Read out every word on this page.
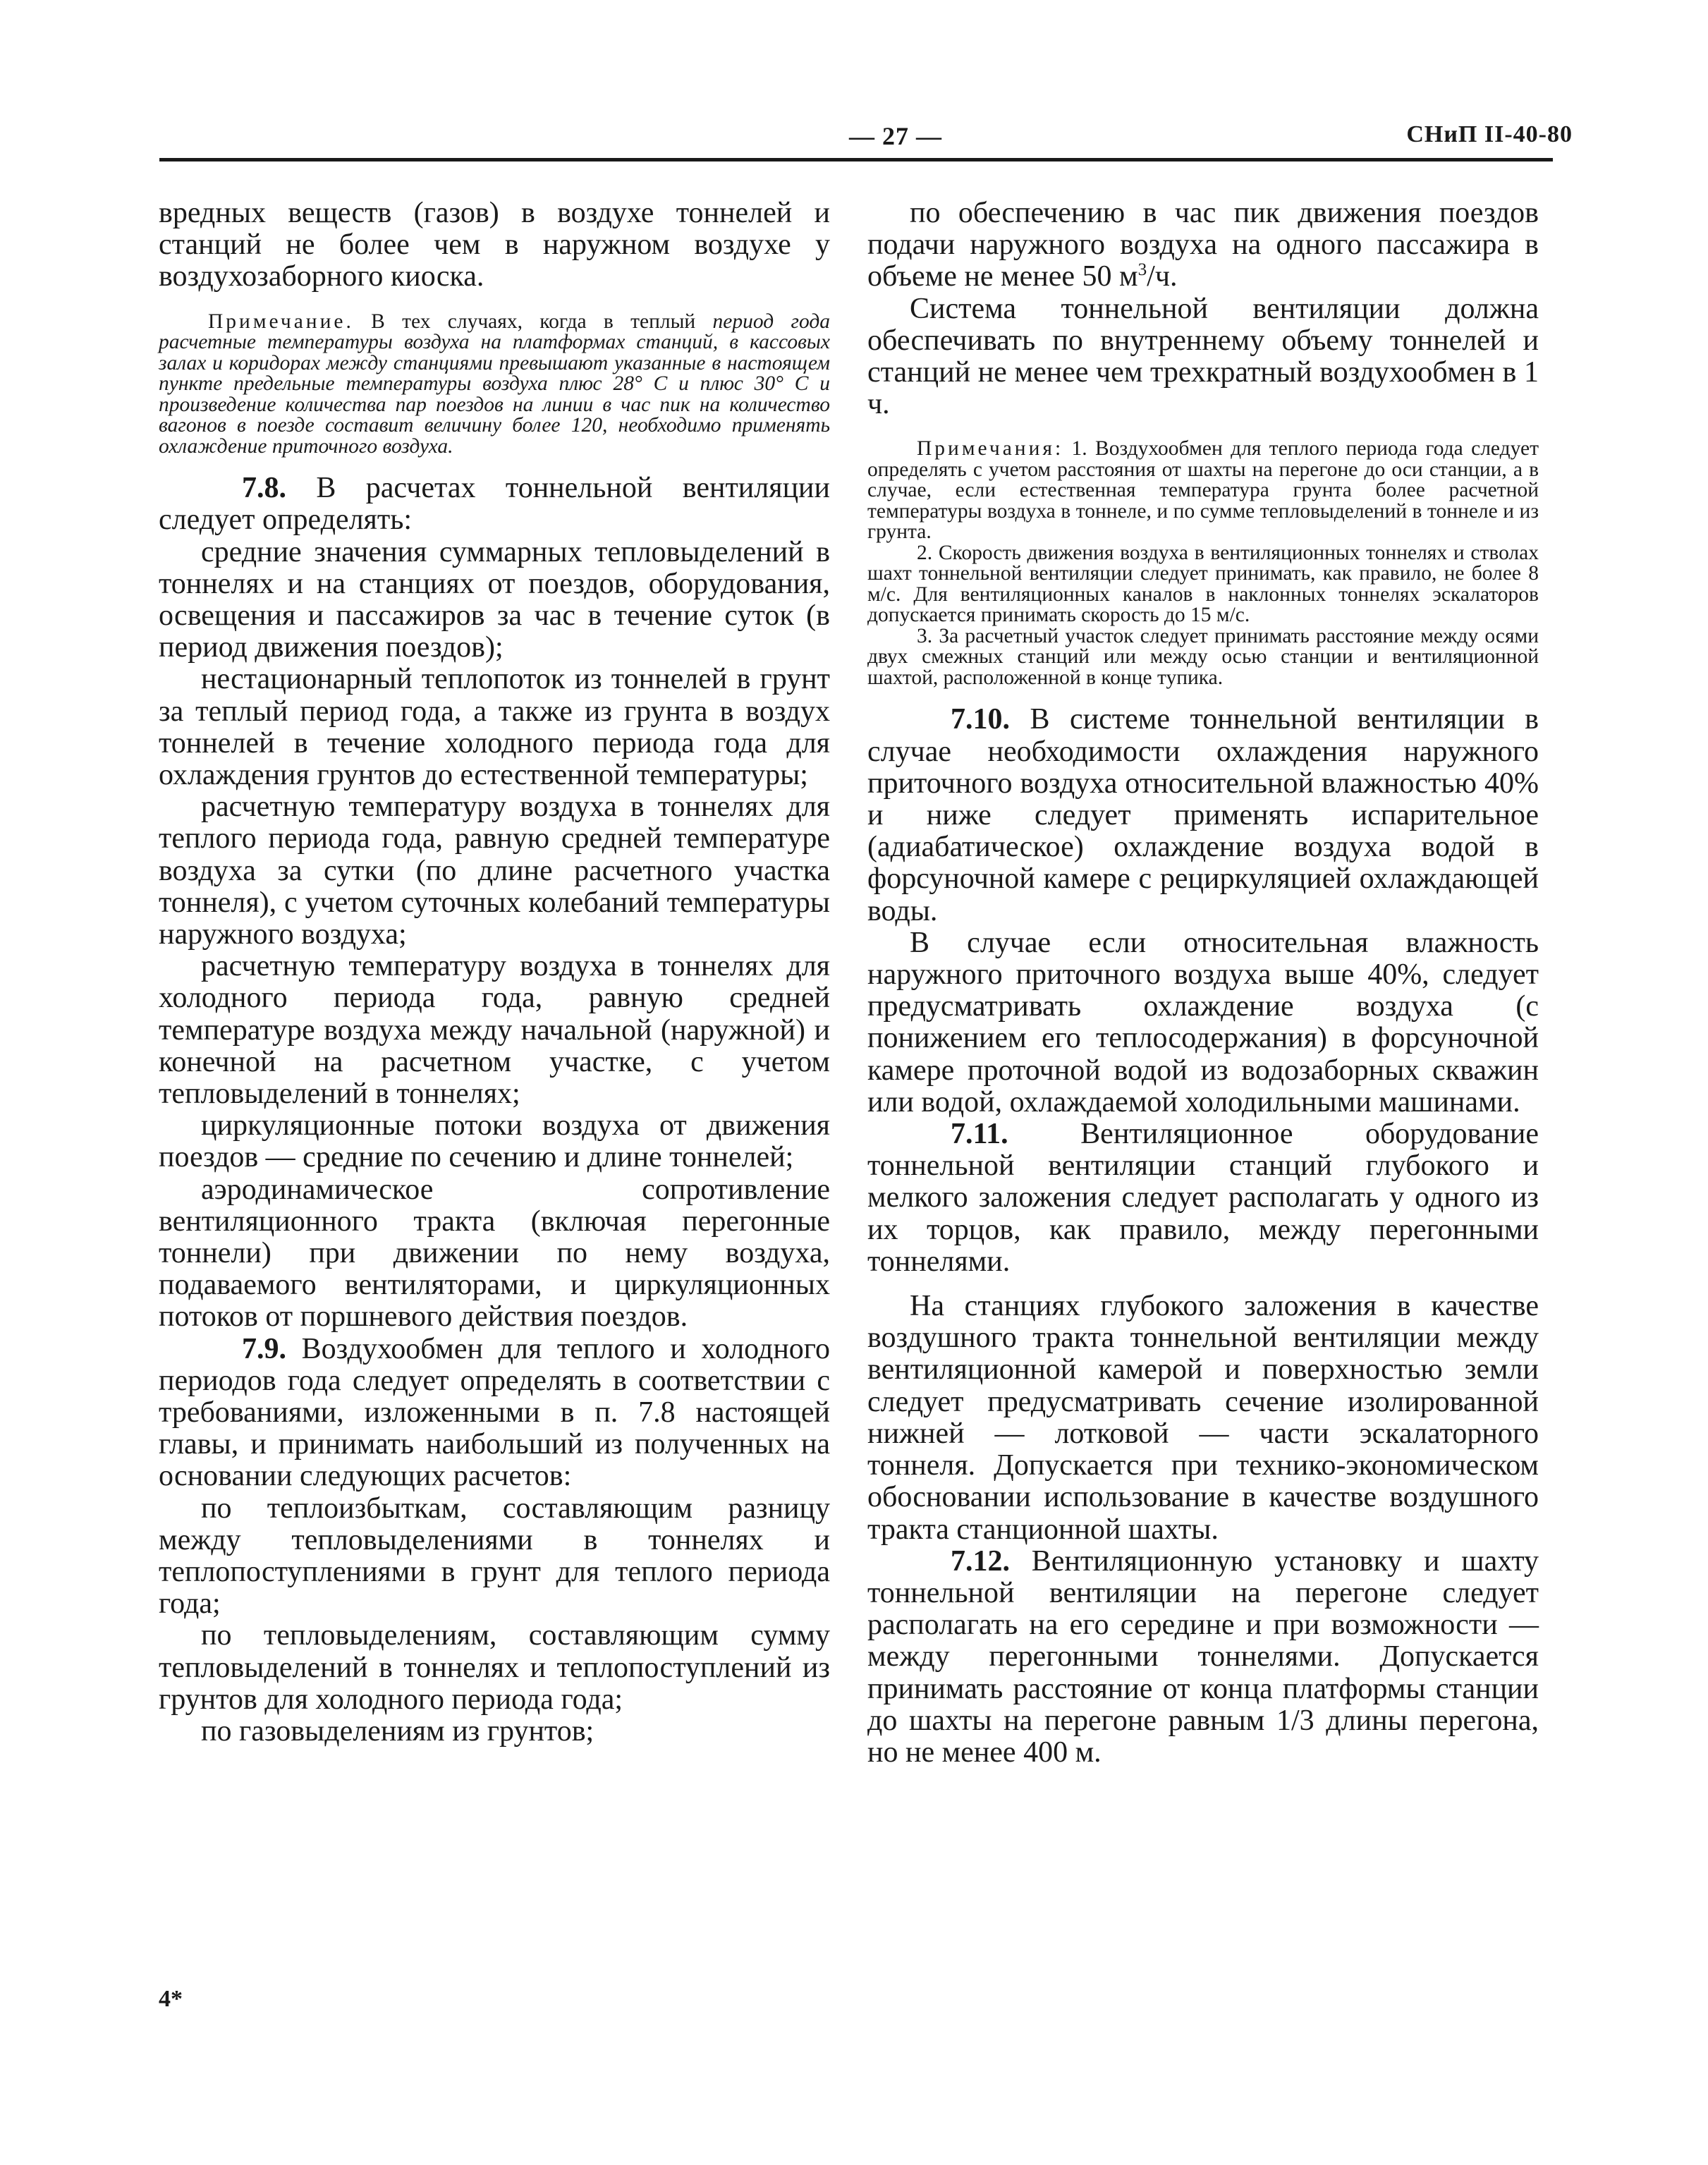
— 27 —	СНиП II-40-80

вредных веществ (газов) в воздухе тоннелей и станций не более чем в наружном воздухе у воздухозаборного киоска.

Примечание. В тех случаях, когда в теплый период года расчетные температуры воздуха на платформах станций, в кассовых залах и коридорах между станциями превышают указанные в настоящем пункте предельные температуры воздуха плюс 28° С и плюс 30° С и произведение количества пар поездов на линии в час пик на количество вагонов в поезде составит величину более 120, необходимо применять охлаждение приточного воздуха.

7.8. В расчетах тоннельной вентиляции следует определять:

средние значения суммарных тепловыделений в тоннелях и на станциях от поездов, оборудования, освещения и пассажиров за час в течение суток (в период движения поездов);

нестационарный теплопоток из тоннелей в грунт за теплый период года, а также из грунта в воздух тоннелей в течение холодного периода года для охлаждения грунтов до естественной температуры;

расчетную температуру воздуха в тоннелях для теплого периода года, равную средней температуре воздуха за сутки (по длине расчетного участка тоннеля), с учетом суточных колебаний температуры наружного воздуха;

расчетную температуру воздуха в тоннелях для холодного периода года, равную средней температуре воздуха между начальной (наружной) и конечной на расчетном участке, с учетом тепловыделений в тоннелях;

циркуляционные потоки воздуха от движения поездов — средние по сечению и длине тоннелей;

аэродинамическое сопротивление вентиляционного тракта (включая перегонные тоннели) при движении по нему воздуха, подаваемого вентиляторами, и циркуляционных потоков от поршневого действия поездов.

7.9. Воздухообмен для теплого и холодного периодов года следует определять в соответствии с требованиями, изложенными в п. 7.8 настоящей главы, и принимать наибольший из полученных на основании следующих расчетов:

по теплоизбыткам, составляющим разницу между тепловыделениями в тоннелях и теплопоступлениями в грунт для теплого периода года;

по тепловыделениям, составляющим сумму тепловыделений в тоннелях и теплопоступлений из грунтов для холодного периода года;

по газовыделениям из грунтов;

по обеспечению в час пик движения поездов подачи наружного воздуха на одного пассажира в объеме не менее 50 $м^3/ч$.

Система тоннельной вентиляции должна обеспечивать по внутреннему объему тоннелей и станций не менее чем трехкратный воздухообмен в 1 ч.

Примечания: 1. Воздухообмен для теплого периода года следует определять с учетом расстояния от шахты на перегоне до оси станции, а в случае, если естественная температура грунта более расчетной температуры воздуха в тоннеле, и по сумме тепловыделений в тоннеле и из грунта.

2. Скорость движения воздуха в вентиляционных тоннелях и стволах шахт тоннельной вентиляции следует принимать, как правило, не более 8 м/с. Для вентиляционных каналов в наклонных тоннелях эскалаторов допускается принимать скорость до 15 м/с.

3. За расчетный участок следует принимать расстояние между осями двух смежных станций или между осью станции и вентиляционной шахтой, расположенной в конце тупика.

7.10. В системе тоннельной вентиляции в случае необходимости охлаждения наружного приточного воздуха относительной влажностью 40% и ниже следует применять испарительное (адиабатическое) охлаждение воздуха водой в форсуночной камере с рециркуляцией охлаждающей воды.

В случае если относительная влажность наружного приточного воздуха выше 40%, следует предусматривать охлаждение воздуха (с понижением его теплосодержания) в форсуночной камере проточной водой из водозаборных скважин или водой, охлаждаемой холодильными машинами.

7.11. Вентиляционное оборудование тоннельной вентиляции станций глубокого и мелкого заложения следует располагать у одного из их торцов, как правило, между перегонными тоннелями.

На станциях глубокого заложения в качестве воздушного тракта тоннельной вентиляции между вентиляционной камерой и поверхностью земли следует предусматривать сечение изолированной нижней — лотковой — части эскалаторного тоннеля. Допускается при технико-экономическом обосновании использование в качестве воздушного тракта станционной шахты.

7.12. Вентиляционную установку и шахту тоннельной вентиляции на перегоне следует располагать на его середине и при возможности — между перегонными тоннелями. Допускается принимать расстояние от конца платформы станции до шахты на перегоне равным 1/3 длины перегона, но не менее 400 м.

4*
